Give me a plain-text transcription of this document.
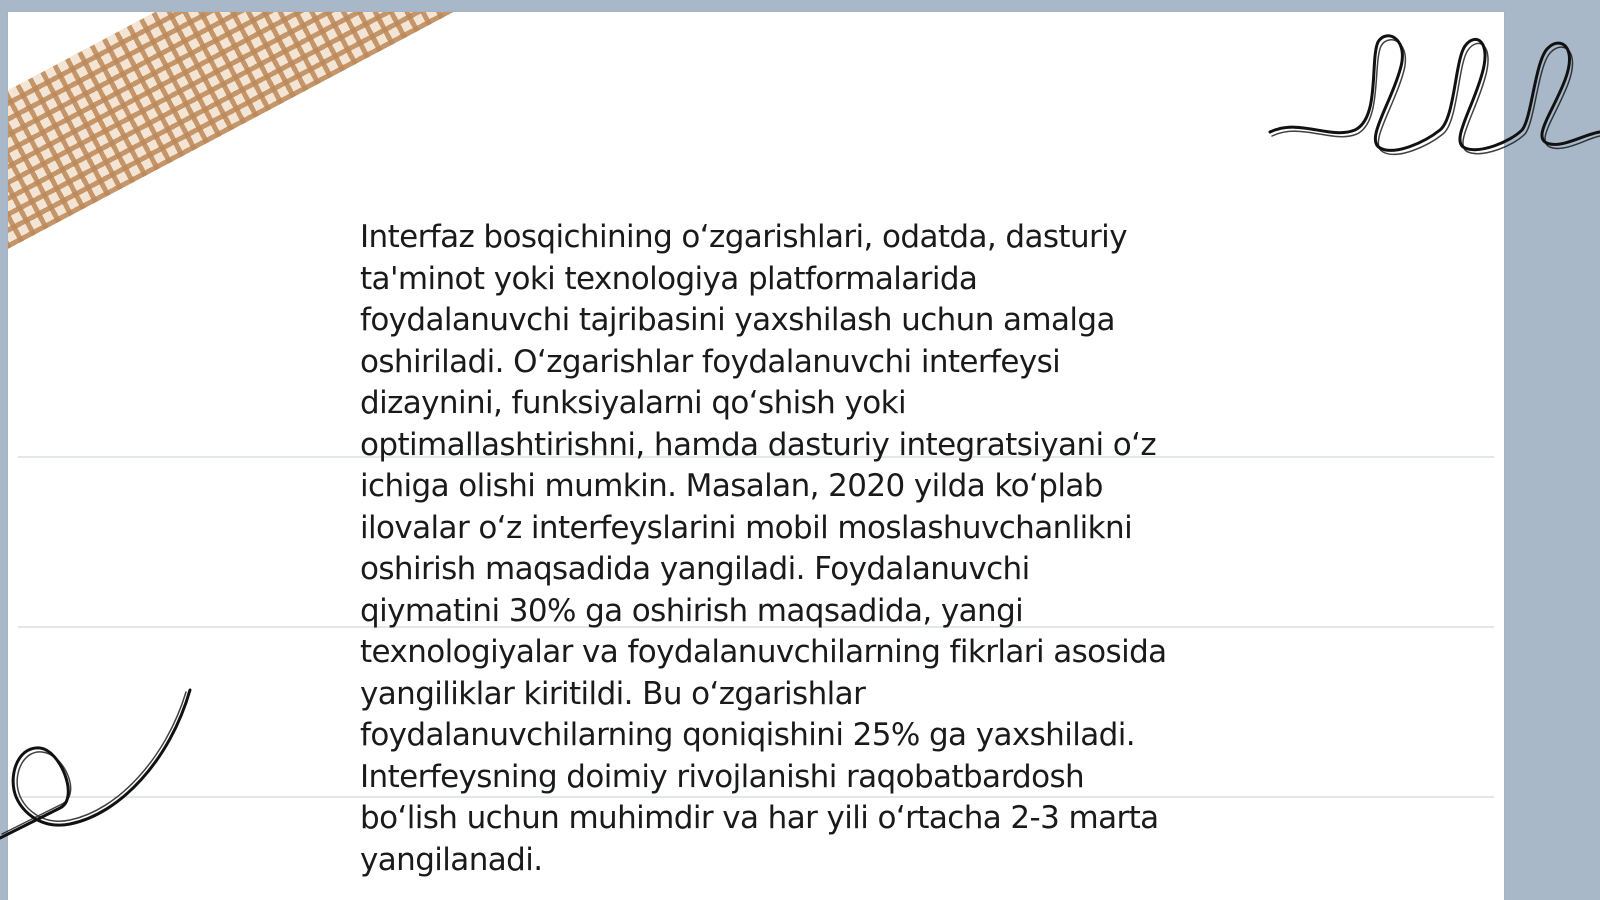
Interfaz bosqichining o‘zgarishlari, odatda, dasturiy
ta'minot yoki texnologiya platformalarida
foydalanuvchi tajribasini yaxshilash uchun amalga
oshiriladi. O‘zgarishlar foydalanuvchi interfeysi
dizaynini, funksiyalarni qo‘shish yoki
optimallashtirishni, hamda dasturiy integratsiyani o‘z
ichiga olishi mumkin. Masalan, 2020 yilda ko‘plab
ilovalar o‘z interfeyslarini mobil moslashuvchanlikni
oshirish maqsadida yangiladi. Foydalanuvchi
qiymatini 30% ga oshirish maqsadida, yangi
texnologiyalar va foydalanuvchilarning fikrlari asosida
yangiliklar kiritildi. Bu o‘zgarishlar
foydalanuvchilarning qoniqishini 25% ga yaxshiladi.
Interfeysning doimiy rivojlanishi raqobatbardosh
bo‘lish uchun muhimdir va har yili o‘rtacha 2-3 marta
yangilanadi.
